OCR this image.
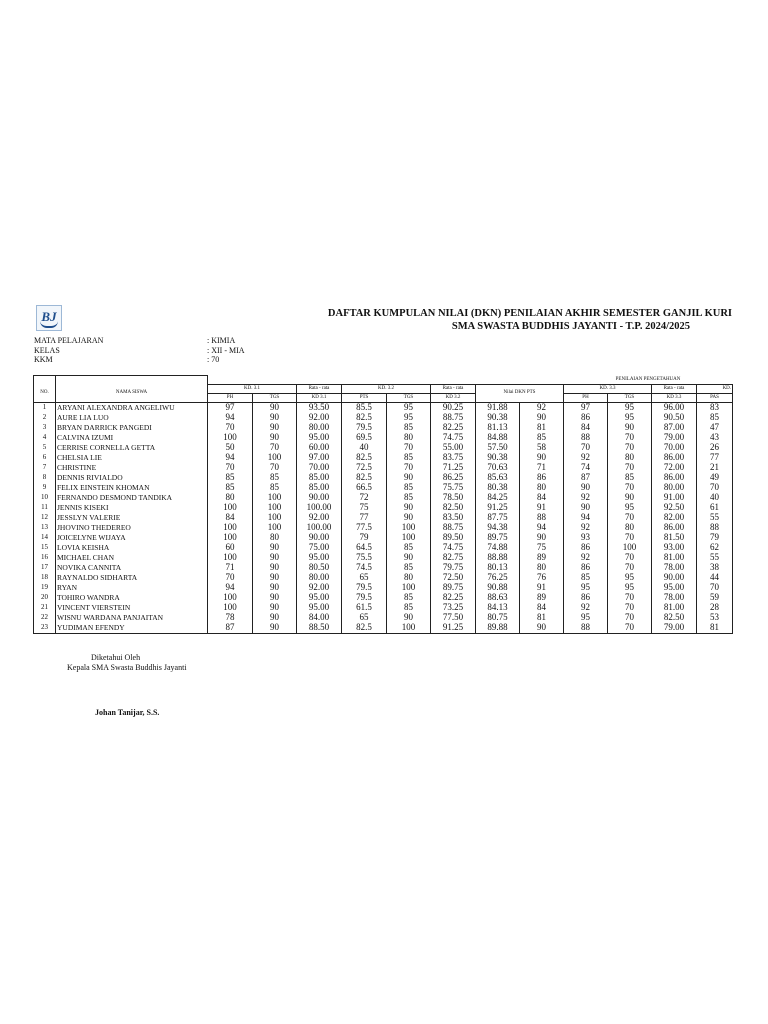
BJ	DAFTAR KUMPULAN NILAI (DKN) PENILAIAN AKHIR SEMESTER GANJIL KURI
SMA SWASTA BUDDHIS JAYANTI - T.P. 2024/2025
MATA PELAJARAN	: KIMIA
KELAS	: XII - MIA
KKM	: 70
										PENILAIAN PENGETAHUAN			
NO.	NAMA SISWA	KD. 3.1		Rata - rata	KD. 3.2		Rata - rata	Nilai DKN PTS		KD. 3.3		Rata - rata	KD.
		PH	TGS	KD 3.1	PTS	TGS	KD 3.2			PH	TGS	KD 3.3	PAS
1	ARYANI ALEXANDRA ANGELIWU	97	90	93.50	85.5	95	90.25	91.88	92	97	95	96.00	83
2	AURE LIA LUO	94	90	92.00	82.5	95	88.75	90.38	90	86	95	90.50	85
3	BRYAN DARRICK PANGEDI	70	90	80.00	79.5	85	82.25	81.13	81	84	90	87.00	47
4	CALVINA IZUMI	100	90	95.00	69.5	80	74.75	84.88	85	88	70	79.00	43
5	CERRISE CORNELLA GETTA	50	70	60.00	40	70	55.00	57.50	58	70	70	70.00	26
6	CHELSIA LIE	94	100	97.00	82.5	85	83.75	90.38	90	92	80	86.00	77
7	CHRISTINE	70	70	70.00	72.5	70	71.25	70.63	71	74	70	72.00	21
8	DENNIS RIVIALDO	85	85	85.00	82.5	90	86.25	85.63	86	87	85	86.00	49
9	FELIX EINSTEIN KHOMAN	85	85	85.00	66.5	85	75.75	80.38	80	90	70	80.00	70
10	FERNANDO DESMOND TANDIKA	80	100	90.00	72	85	78.50	84.25	84	92	90	91.00	40
11	JENNIS KISEKI	100	100	100.00	75	90	82.50	91.25	91	90	95	92.50	61
12	JESSLYN VALERIE	84	100	92.00	77	90	83.50	87.75	88	94	70	82.00	55
13	JHOVINO THEDEREO	100	100	100.00	77.5	100	88.75	94.38	94	92	80	86.00	88
14	JOICELYNE WIJAYA	100	80	90.00	79	100	89.50	89.75	90	93	70	81.50	79
15	LOVIA KEISHA	60	90	75.00	64.5	85	74.75	74.88	75	86	100	93.00	62
16	MICHAEL CHAN	100	90	95.00	75.5	90	82.75	88.88	89	92	70	81.00	55
17	NOVIKA CANNITA	71	90	80.50	74.5	85	79.75	80.13	80	86	70	78.00	38
18	RAYNALDO SIDHARTA	70	90	80.00	65	80	72.50	76.25	76	85	95	90.00	44
19	RYAN	94	90	92.00	79.5	100	89.75	90.88	91	95	95	95.00	70
20	TOHIRO WANDRA	100	90	95.00	79.5	85	82.25	88.63	89	86	70	78.00	59
21	VINCENT VIERSTEIN	100	90	95.00	61.5	85	73.25	84.13	84	92	70	81.00	28
22	WISNU WARDANA PANJAITAN	78	90	84.00	65	90	77.50	80.75	81	95	70	82.50	53
23	YUDIMAN EFENDY	87	90	88.50	82.5	100	91.25	89.88	90	88	70	79.00	81
Diketahui Oleh
Kepala SMA Swasta Buddhis Jayanti
Johan Tanijar, S.S.
